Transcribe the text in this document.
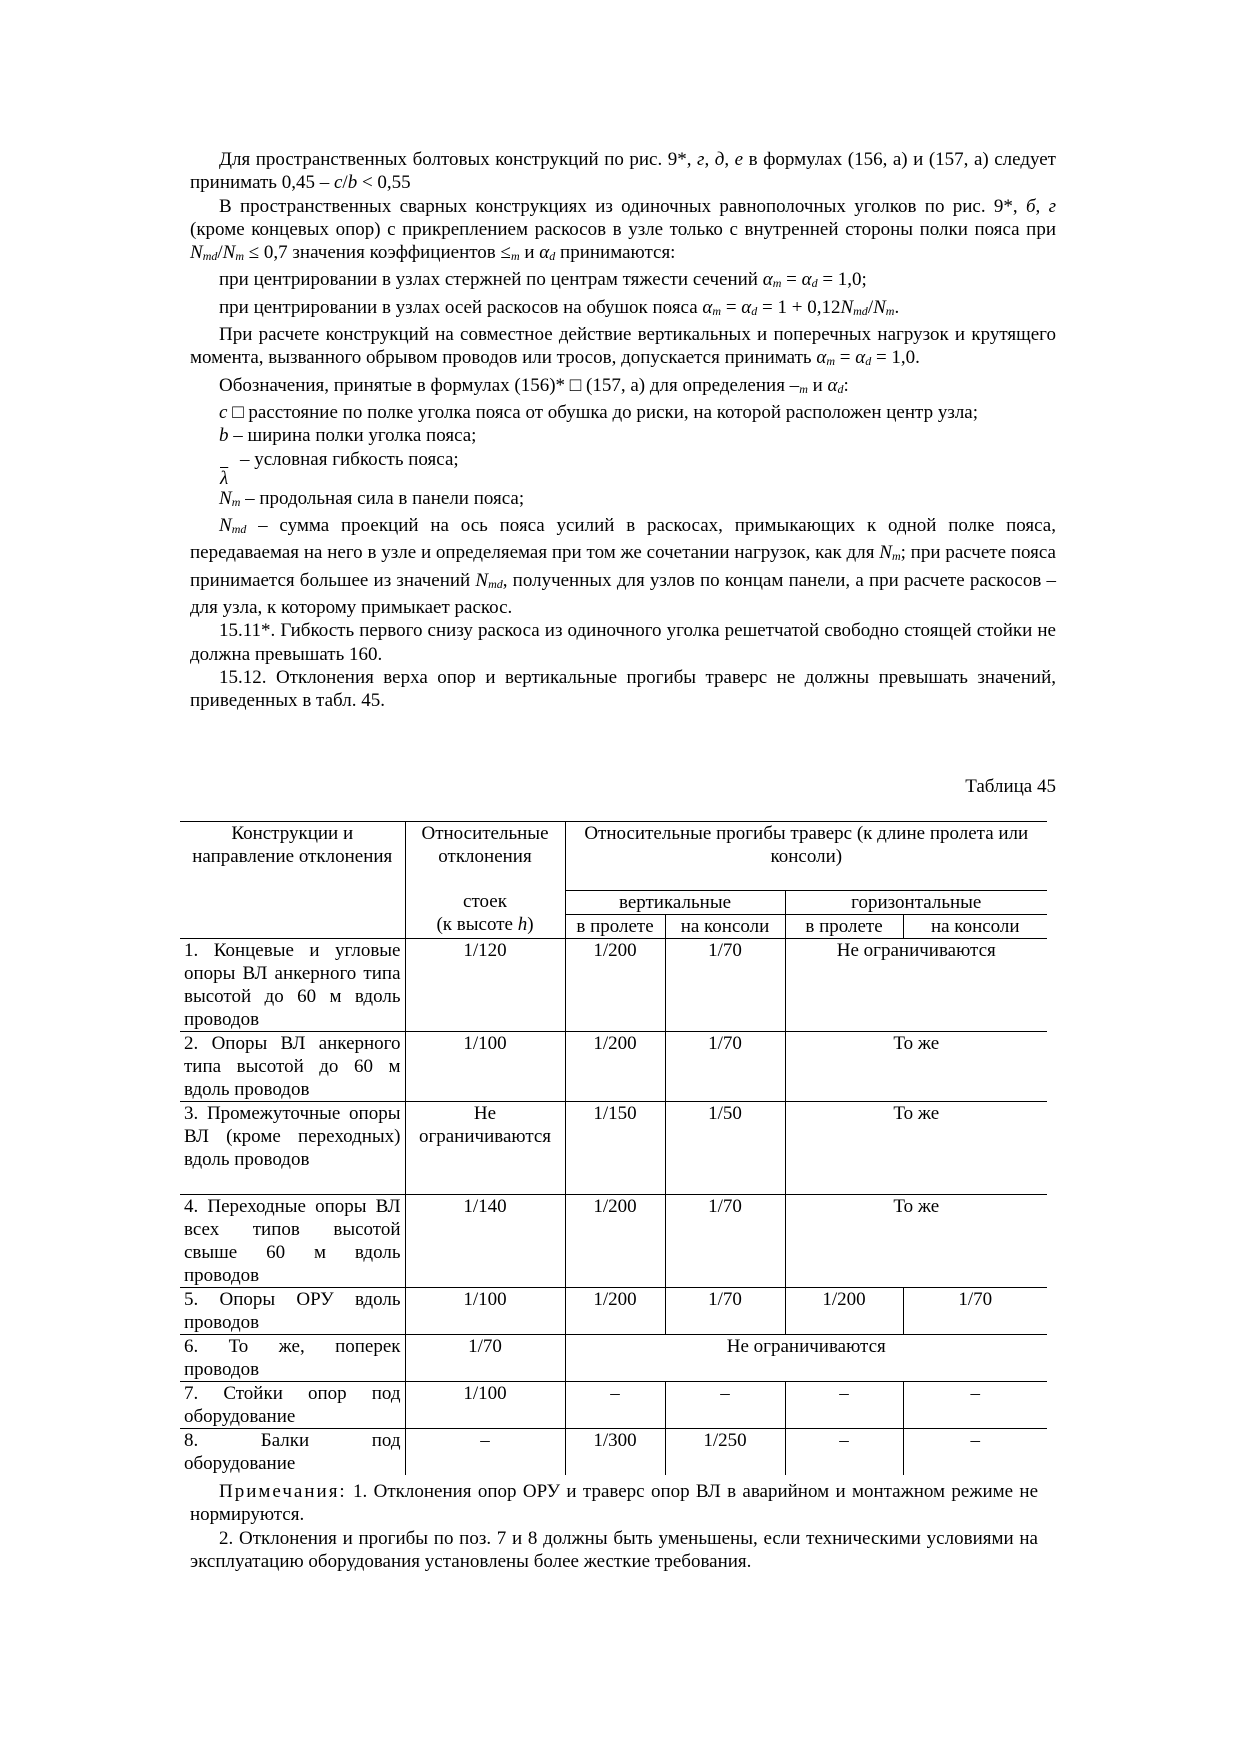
Для пространственных болтовых конструкций по рис. 9*, г, д, е в формулах (156, а) и (157, а) следует принимать 0,45 – c/b < 0,55

В пространственных сварных конструкциях из одиночных равнополочных уголков по рис. 9*, б, г (кроме концевых опор) с прикреплением раскосов в узле только с внутренней стороны полки пояса при $N_{md}/N_m \le 0,7$ значения коэффициентов $\le_m$ и $\alpha_d$ принимаются:

при центрировании в узлах стержней по центрам тяжести сечений $\alpha_m = \alpha_d = 1,0$;

при центрировании в узлах осей раскосов на обушок пояса $\alpha_m = \alpha_d = 1 + 0,12N_{md}/N_m$.

При расчете конструкций на совместное действие вертикальных и поперечных нагрузок и крутящего момента, вызванного обрывом проводов или тросов, допускается принимать $\alpha_m = \alpha_d = 1,0$.

Обозначения, принятые в формулах (156)* □ (157, а) для определения $-_m$ и $\alpha_d$:

c □ расстояние по полке уголка пояса от обушка до риски, на которой расположен центр узла;

b – ширина полки уголка пояса;

– условная гибкость пояса;

$\overline{\lambda}$

$N_m$ – продольная сила в панели пояса;

$N_{md}$ – сумма проекций на ось пояса усилий в раскосах, примыкающих к одной полке пояса, передаваемая на него в узле и определяемая при том же сочетании нагрузок, как для $N_m$; при расчете пояса принимается большее из значений $N_{md}$, полученных для узлов по концам панели, а при расчете раскосов – для узла, к которому примыкает раскос.

15.11*. Гибкость первого снизу раскоса из одиночного уголка решетчатой свободно стоящей стойки не должна превышать 160.

15.12. Отклонения верха опор и вертикальные прогибы траверс не должны превышать значений, приведенных в табл. 45.

Таблица 45
Конструкции и направление отклонения	Относительные отклонения	Относительные прогибы траверс (к длине пролета или консоли)			

	стоек
(к высоте h)	вертикальные		горизонтальные	
		в пролете	на консоли	в пролете	на консоли
1. Концевые и угловые опоры ВЛ анкерного типа высотой до 60 м вдоль проводов	1/120	1/200	1/70	Не ограничиваются	
2. Опоры ВЛ анкерного типа высотой до 60 м вдоль проводов	1/100	1/200	1/70	То же	
3. Промежуточные опоры ВЛ (кроме переходных) вдоль проводов	Не ограничиваются	1/150	1/50	То же	
4. Переходные опоры ВЛ всех типов высотой свыше 60 м вдоль проводов	1/140	1/200	1/70	То же	
5. Опоры ОРУ вдоль проводов	1/100	1/200	1/70	1/200	1/70
6. То же, поперек проводов	1/70	Не ограничиваются			
7. Стойки опор под оборудование	1/100	–	–	–	–
8. Балки под оборудование	–	1/300	1/250	–	–

Примечания: 1. Отклонения опор ОРУ и траверс опор ВЛ в аварийном и монтажном режиме не нормируются.

2. Отклонения и прогибы по поз. 7 и 8 должны быть уменьшены, если техническими условиями на эксплуатацию оборудования установлены более жесткие требования.
